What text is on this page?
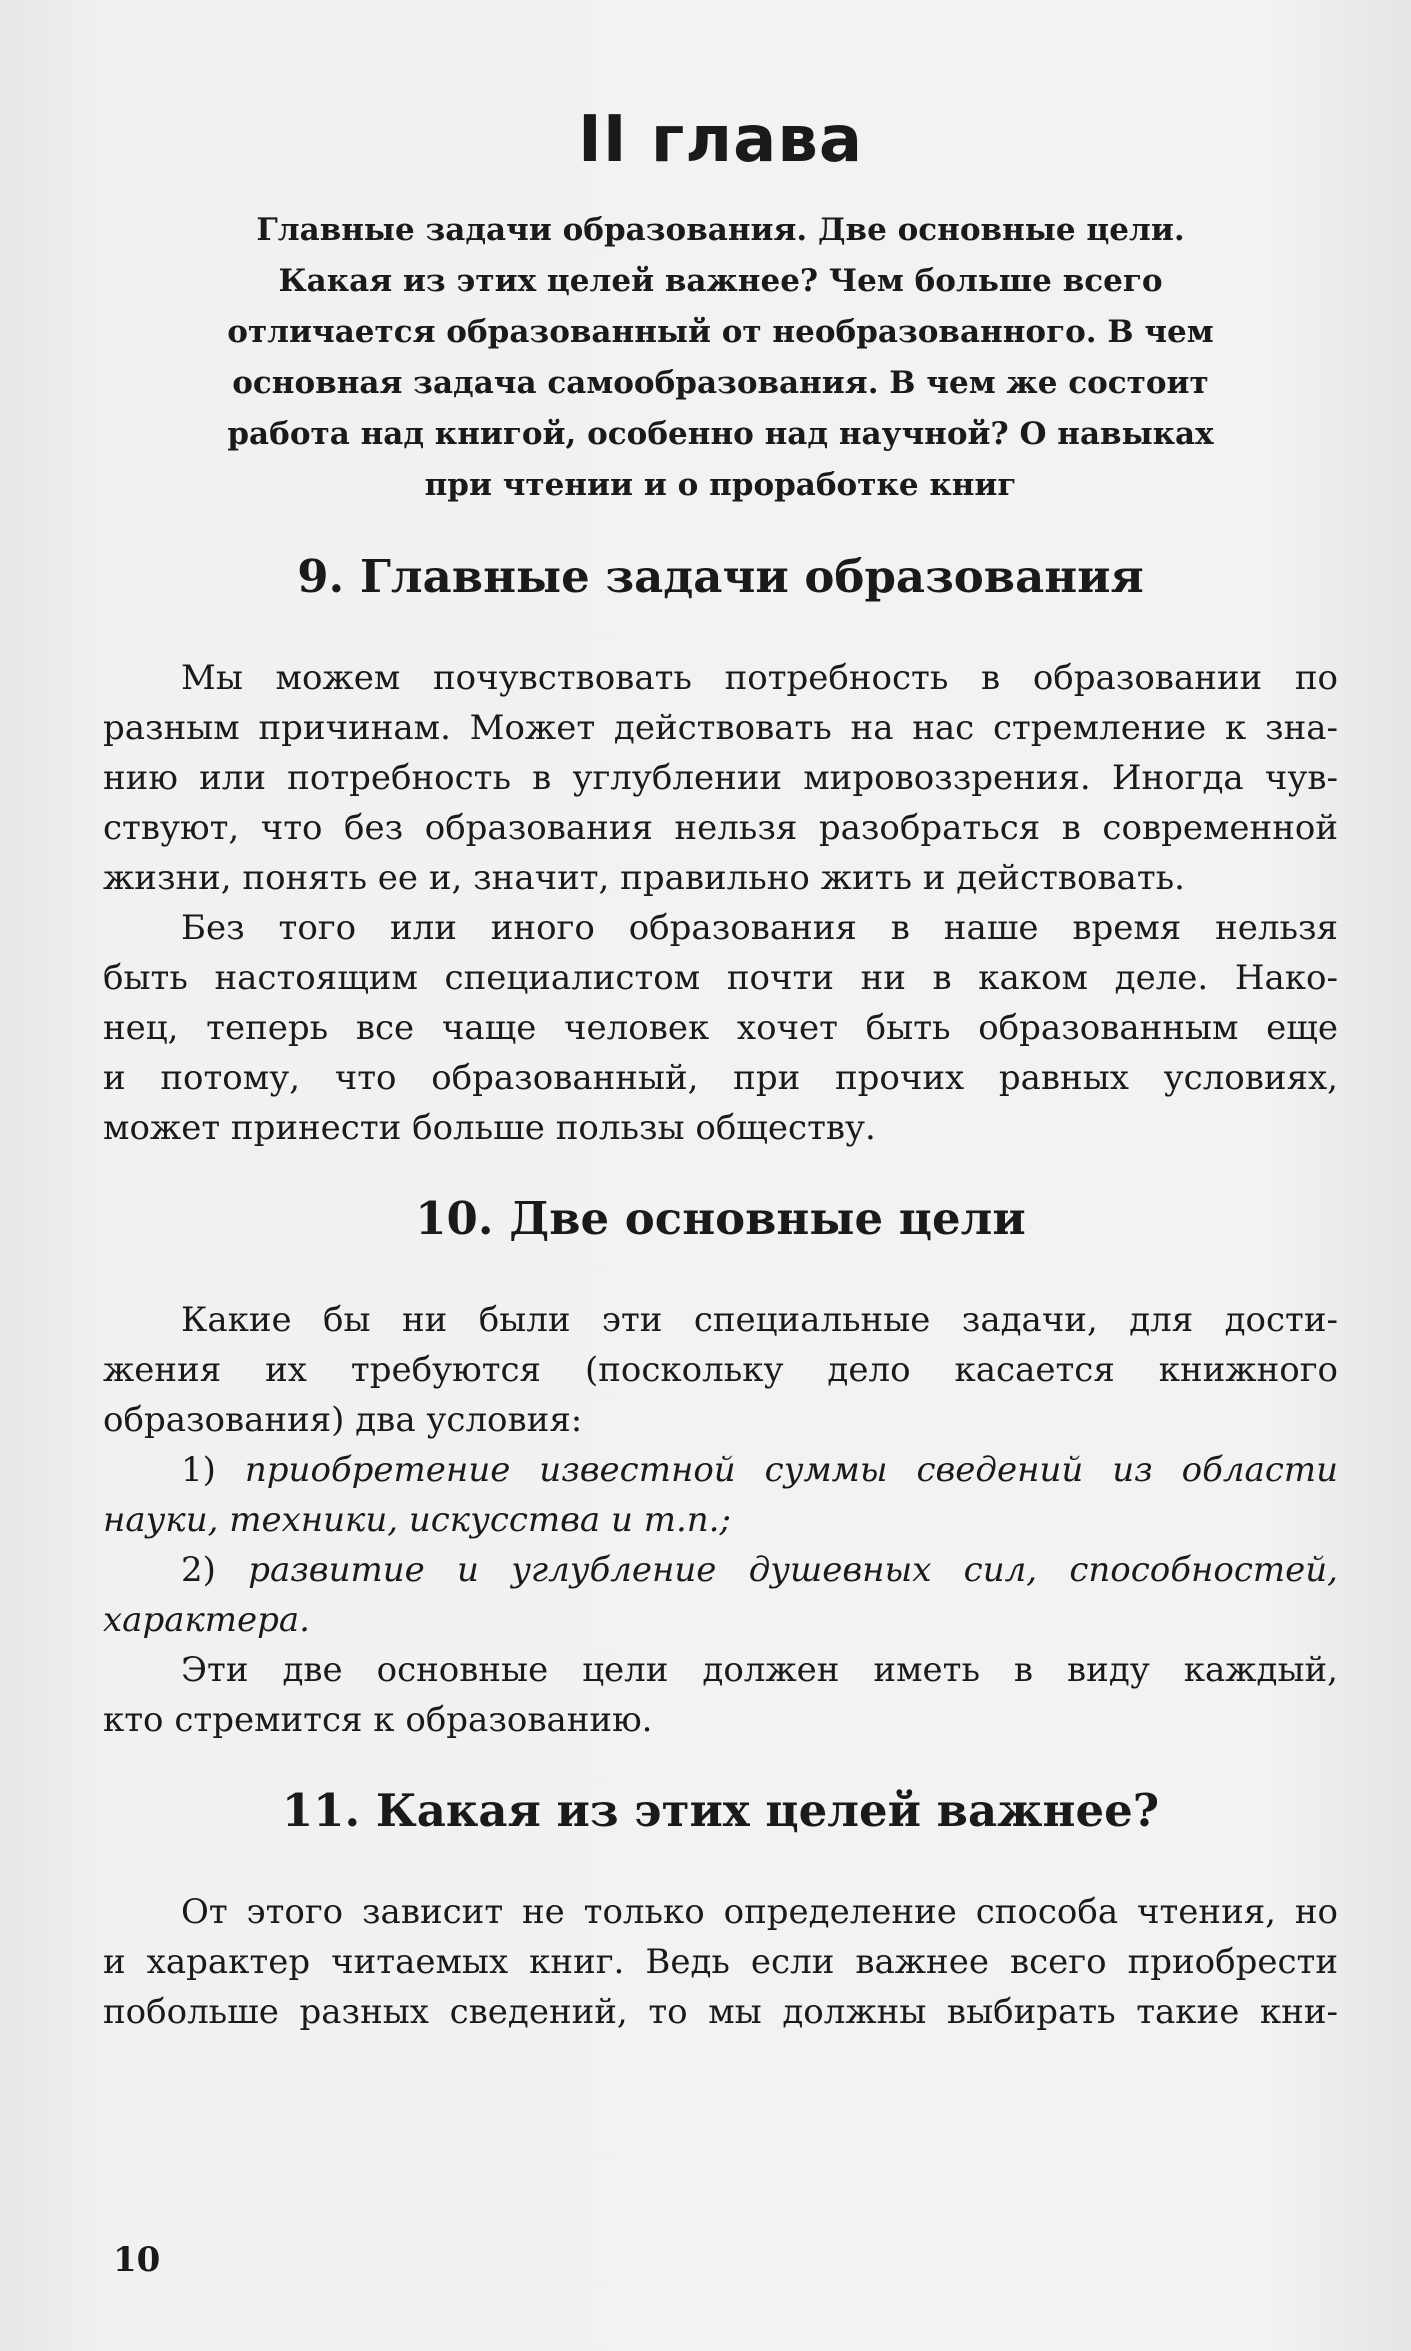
II глава
Главные задачи образования. Две основные цели.
Какая из этих целей важнее? Чем больше всего
отличается образованный от необразованного. В чем
основная задача самообразования. В чем же состоит
работа над книгой, особенно над научной? О навыках
при чтении и о проработке книг
9. Главные задачи образования

Мы можем почувствовать потребность в образовании по
разным причинам. Может действовать на нас стремление к зна-
нию или потребность в углублении мировоззрения. Иногда чув-
ствуют, что без образования нельзя разобраться в современной
жизни, понять ее и, значит, правильно жить и действовать.

Без того или иного образования в наше время нельзя
быть настоящим специалистом почти ни в каком деле. Нако-
нец, теперь все чаще человек хочет быть образованным еще
и потому, что образованный, при прочих равных условиях,
может принести больше пользы обществу.

10. Две основные цели

Какие бы ни были эти специальные задачи, для дости-
жения их требуются (поскольку дело касается книжного
образования) два условия:

1) приобретение известной суммы сведений из области
науки, техники, искусства и т.п.;

2) развитие и углубление душевных сил, способностей,
характера.

Эти две основные цели должен иметь в виду каждый,
кто стремится к образованию.

11. Какая из этих целей важнее?

От этого зависит не только определение способа чтения, но
и характер читаемых книг. Ведь если важнее всего приобрести
побольше разных сведений, то мы должны выбирать такие кни-

10
